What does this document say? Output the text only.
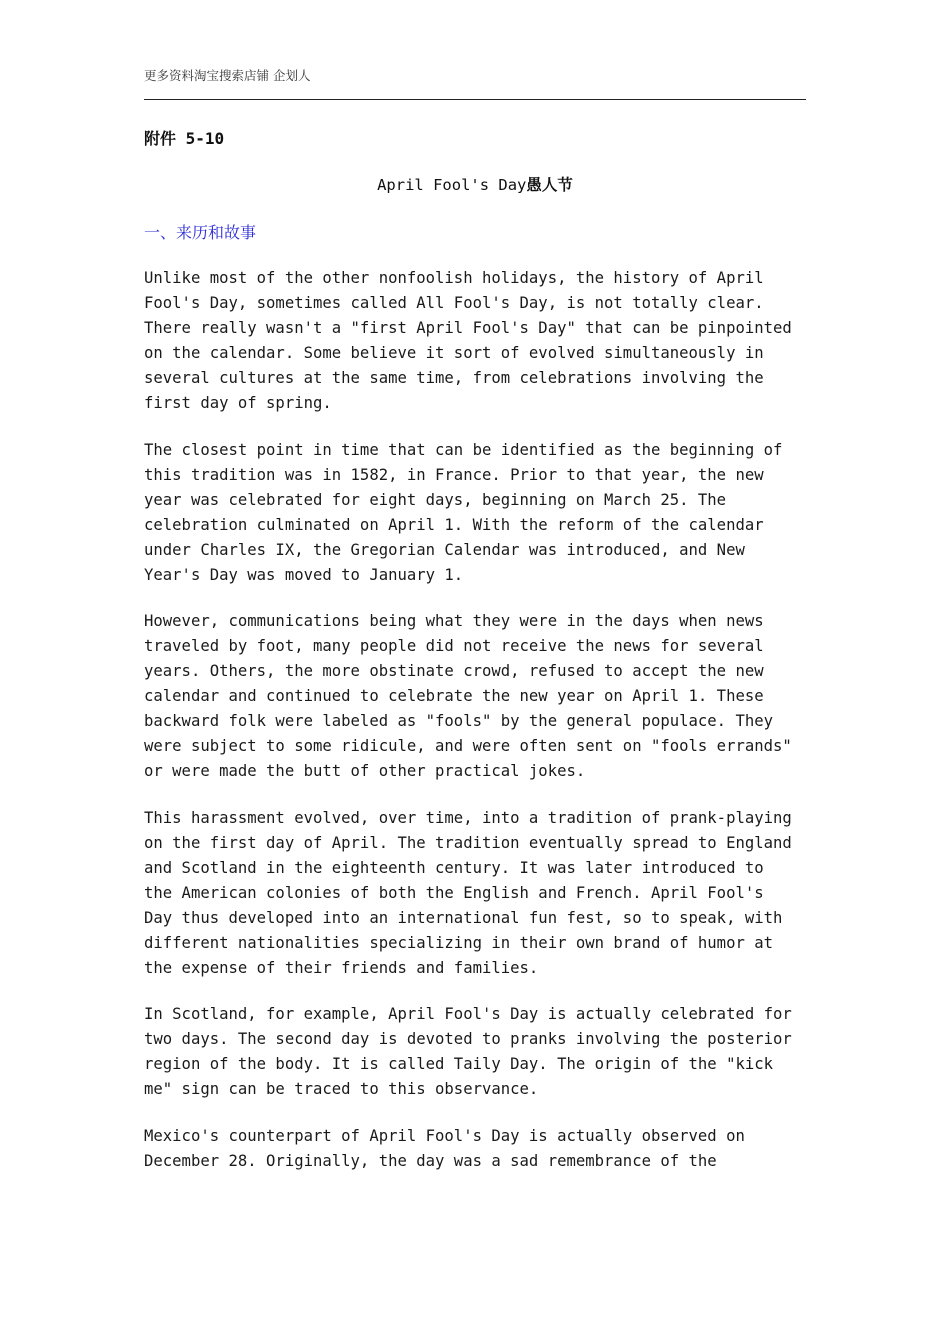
更多资料淘宝搜索店铺 企划人
附件 5-10
April Fool's Day愚人节
一、来历和故事
Unlike most of the other nonfoolish holidays, the history of April
Fool's Day, sometimes called All Fool's Day, is not totally clear.
There really wasn't a "first April Fool's Day" that can be pinpointed
on the calendar. Some believe it sort of evolved simultaneously in
several cultures at the same time, from celebrations involving the
first day of spring.
The closest point in time that can be identified as the beginning of
this tradition was in 1582, in France. Prior to that year, the new
year was celebrated for eight days, beginning on March 25. The
celebration culminated on April 1. With the reform of the calendar
under Charles IX, the Gregorian Calendar was introduced, and New
Year's Day was moved to January 1.
However, communications being what they were in the days when news
traveled by foot, many people did not receive the news for several
years. Others, the more obstinate crowd, refused to accept the new
calendar and continued to celebrate the new year on April 1. These
backward folk were labeled as "fools" by the general populace. They
were subject to some ridicule, and were often sent on "fools errands"
or were made the butt of other practical jokes.
This harassment evolved, over time, into a tradition of prank-playing
on the first day of April. The tradition eventually spread to England
and Scotland in the eighteenth century. It was later introduced to
the American colonies of both the English and French. April Fool's
Day thus developed into an international fun fest, so to speak, with
different nationalities specializing in their own brand of humor at
the expense of their friends and families.
In Scotland, for example, April Fool's Day is actually celebrated for
two days. The second day is devoted to pranks involving the posterior
region of the body. It is called Taily Day. The origin of the "kick
me" sign can be traced to this observance.
Mexico's counterpart of April Fool's Day is actually observed on
December 28. Originally, the day was a sad remembrance of the
